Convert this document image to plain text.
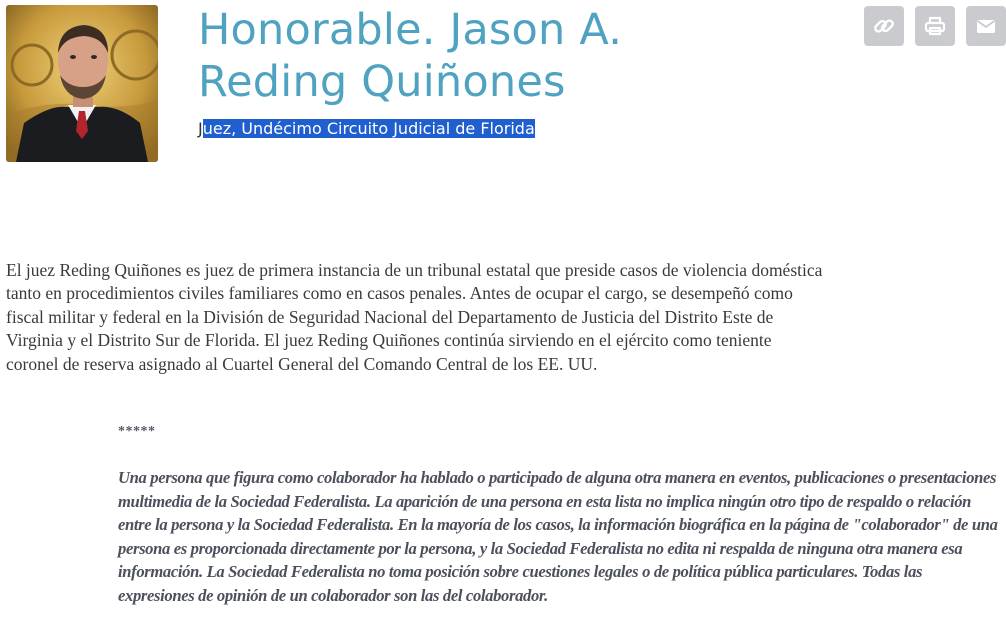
Honorable. Jason A. Reding Quiñones
Juez, Undécimo Circuito Judicial de Florida

El juez Reding Quiñones es juez de primera instancia de un tribunal estatal que preside casos de violencia doméstica tanto en procedimientos civiles familiares como en casos penales. Antes de ocupar el cargo, se desempeñó como fiscal militar y federal en la División de Seguridad Nacional del Departamento de Justicia del Distrito Este de Virginia y el Distrito Sur de Florida. El juez Reding Quiñones continúa sirviendo en el ejército como teniente coronel de reserva asignado al Cuartel General del Comando Central de los EE. UU.

*****

Una persona que figura como colaborador ha hablado o participado de alguna otra manera en eventos, publicaciones o presentaciones multimedia de la Sociedad Federalista. La aparición de una persona en esta lista no implica ningún otro tipo de respaldo o relación entre la persona y la Sociedad Federalista. En la mayoría de los casos, la información biográfica en la página de "colaborador" de una persona es proporcionada directamente por la persona, y la Sociedad Federalista no edita ni respalda de ninguna otra manera esa información. La Sociedad Federalista no toma posición sobre cuestiones legales o de política pública particulares. Todas las expresiones de opinión de un colaborador son las del colaborador.
